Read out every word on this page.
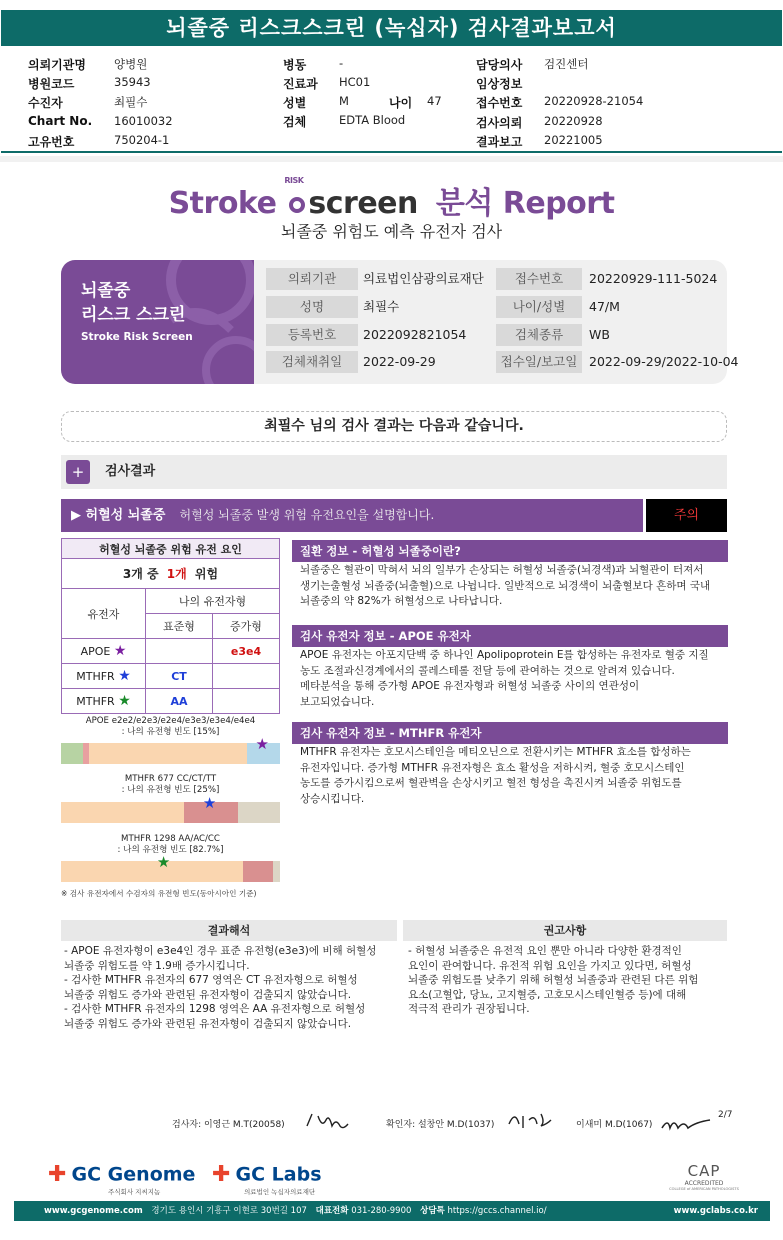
뇌졸중 리스크스크린 (녹십자) 검사결과보고서
의뢰기관명	양병원
병원코드	35943
수진자	최필수
Chart No.	16010032
고유번호	750204-1
병동	-
진료과	HC01
성별	M	나이	47
검체	EDTA Blood
담당의사	검진센터
임상정보
접수번호	20220928-21054
검사의뢰	20220928
결과보고	20221005
Stroke
RISK
screen 분석 Report
뇌졸중 위험도 예측 유전자 검사
뇌졸중
리스크 스크린
Stroke Risk Screen
의뢰기관	의료법인삼광의료재단	접수번호	20220929-111-5024
성명	최필수	나이/성별	47/M
등록번호	2022092821054	검체종류	WB
검체채취일	2022-09-29	접수일/보고일 2022-09-29/2022-10-04
최필수 님의 검사 결과는 다음과 같습니다.
+	검사결과
▶ 허혈성 뇌졸중 허혈성 뇌졸중 발생 위험 유전요인을 설명합니다.	주의
허혈성 뇌졸중 위험 유전 요인		
3개 중 1개 위험		
유전자	나의 유전자형	
	표준형	증가형
APOE ★		e3e4
MTHFR ★	CT	
MTHFR ★	AA	
APOE e2e2/e2e3/e2e4/e3e3/e3e4/e4e4
: 나의 유전형 빈도 [15%]
★
MTHFR 677 CC/CT/TT
: 나의 유전형 빈도 [25%]
★
MTHFR 1298 AA/AC/CC
: 나의 유전형 빈도 [82.7%]
★
※ 검사 유전자에서 수검자의 유전형 빈도(동아시아인 기준)
질환 정보 - 허혈성 뇌졸중이란?
뇌졸중은 혈관이 막혀서 뇌의 일부가 손상되는 허혈성 뇌졸중(뇌경색)과 뇌혈관이 터져서
생기는출혈성 뇌졸중(뇌출혈)으로 나뉩니다. 일반적으로 뇌경색이 뇌출혈보다 흔하며 국내
뇌졸중의 약 82%가 허혈성으로 나타납니다.
검사 유전자 정보 - APOE 유전자
APOE 유전자는 아포지단백 중 하나인 Apolipoprotein E를 합성하는 유전자로 혈중 지질
농도 조절과신경계에서의 콜레스테롤 전달 등에 관여하는 것으로 알려져 있습니다.
메타분석을 통해 증가형 APOE 유전자형과 허혈성 뇌졸중 사이의 연관성이
보고되었습니다.
검사 유전자 정보 - MTHFR 유전자
MTHFR 유전자는 호모시스테인을 메티오닌으로 전환시키는 MTHFR 효소를 합성하는
유전자입니다. 증가형 MTHFR 유전자형은 효소 활성을 저하시켜, 혈중 호모시스테인
농도를 증가시킴으로써 혈관벽을 손상시키고 혈전 형성을 촉진시켜 뇌졸중 위험도를
상승시킵니다.
결과해석
- APOE 유전자형이 e3e4인 경우 표준 유전형(e3e3)에 비해 허혈성
뇌졸중 위험도를 약 1.9배 증가시킵니다.
- 검사한 MTHFR 유전자의 677 영역은 CT 유전자형으로 허혈성
뇌졸중 위험도 증가와 관련된 유전자형이 검출되지 않았습니다.
- 검사한 MTHFR 유전자의 1298 영역은 AA 유전자형으로 허혈성
뇌졸중 위험도 증가와 관련된 유전자형이 검출되지 않았습니다.
권고사항
- 허혈성 뇌졸중은 유전적 요인 뿐만 아니라 다양한 환경적인
요인이 관여합니다. 유전적 위험 요인을 가지고 있다면, 허혈성
뇌졸중 위험도를 낮추기 위해 허혈성 뇌졸중과 관련된 다른 위험
요소(고혈압, 당뇨, 고지혈증, 고호모시스테인혈증 등)에 대해
적극적 관리가 권장됩니다.
검사자: 이영근 M.T(20058)	확인자: 설창안 M.D(1037)	이새미 M.D(1067)
2/7
✚ GC Genome
주식회사 지씨지놈
✚ GC Labs
의료법인 녹십자의료재단
CAP
ACCREDITED
COLLEGE of AMERICAN PATHOLOGISTS
www.gcgenome.com 경기도 용인시 기흥구 이현로 30번길 107 대표전화 031-280-9900 상담톡 https://gccs.channel.io/	www.gclabs.co.kr
